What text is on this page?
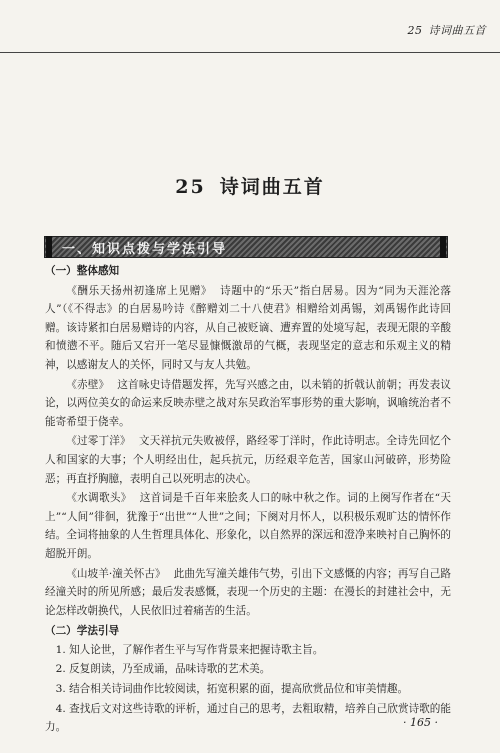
25 诗词曲五首
25 诗词曲五首
一、知识点拨与学法引导
（一）整体感知

《酬乐天扬州初逢席上见赠》 诗题中的“乐天”指白居易。因为“同为天涯沦落人”（《不得志》的白居易吟诗《醉赠刘二十八使君》相赠给刘禹锡，刘禹锡作此诗回赠。该诗紧扣白居易赠诗的内容，从自己被贬谪、遭弃置的处境写起，表现无限的辛酸和愤懑不平。随后又宕开一笔尽显慷慨激昂的气概，表现坚定的意志和乐观主义的精神，以感谢友人的关怀，同时又与友人共勉。

《赤壁》 这首咏史诗借题发挥，先写兴感之由，以未销的折戟认前朝；再发表议论，以两位美女的命运来反映赤壁之战对东吴政治军事形势的重大影响，讽喻统治者不能寄希望于侥幸。

《过零丁洋》 文天祥抗元失败被俘，路经零丁洋时，作此诗明志。全诗先回忆个人和国家的大事；个人明经出仕，起兵抗元，历经艰辛危苦，国家山河破碎，形势险恶；再直抒胸臆，表明自己以死明志的决心。

《水调歌头》 这首词是千百年来脍炙人口的咏中秋之作。词的上阕写作者在“天上”“人间”徘徊，犹豫于“出世”“人世”之间；下阕对月怀人，以积极乐观旷达的情怀作结。全词将抽象的人生哲理具体化、形象化，以自然界的深远和澄净来映衬自己胸怀的超脱开朗。

《山坡羊·潼关怀古》 此曲先写潼关雄伟气势，引出下文感慨的内容；再写自己路经潼关时的所见所感；最后发表感慨，表现一个历史的主题：在漫长的封建社会中，无论怎样改朝换代，人民依旧过着痛苦的生活。

（二）学法引导

1. 知人论世，了解作者生平与写作背景来把握诗歌主旨。

2. 反复朗读，乃至成诵，品味诗歌的艺术美。

3. 结合相关诗词曲作比较阅读，拓宽积累的面，提高欣赏品位和审美情趣。

4. 查找后文对这些诗歌的评析，通过自己的思考，去粗取精，培养自己欣赏诗歌的能力。	· 165 ·
